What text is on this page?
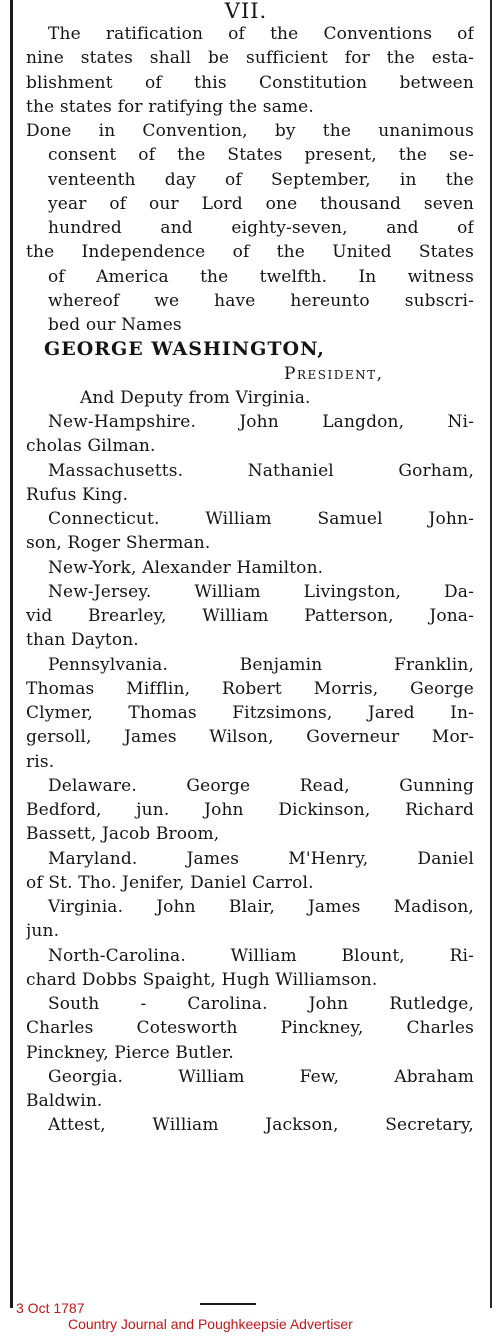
VII.
The ratification of the Conventions of
nine states shall be sufficient for the esta-
blishment of this Constitution between
the states for ratifying the same.
Done in Convention, by the unanimous
consent of the States present, the se-
venteenth day of September, in the
year of our Lord one thousand seven
hundred and eighty-seven, and of
the Independence of the United States
of America the twelfth. In witness
whereof we have hereunto subscri-
bed our Names
GEORGE WASHINGTON,
President,
And Deputy from Virginia.
New-Hampshire. John Langdon, Ni-
cholas Gilman.
Massachusetts. Nathaniel Gorham,
Rufus King.
Connecticut. William Samuel John-
son, Roger Sherman.
New-York, Alexander Hamilton.
New-Jersey. William Livingston, Da-
vid Brearley, William Patterson, Jona-
than Dayton.
Pennsylvania. Benjamin Franklin,
Thomas Mifflin, Robert Morris, George
Clymer, Thomas Fitzsimons, Jared In-
gersoll, James Wilson, Governeur Mor-
ris.
Delaware. George Read, Gunning
Bedford, jun. John Dickinson, Richard
Bassett, Jacob Broom,
Maryland. James M'Henry, Daniel
of St. Tho. Jenifer, Daniel Carrol.
Virginia. John Blair, James Madison,
jun.
North-Carolina. William Blount, Ri-
chard Dobbs Spaight, Hugh Williamson.
South - Carolina. John Rutledge,
Charles Cotesworth Pinckney, Charles
Pinckney, Pierce Butler.
Georgia. William Few, Abraham
Baldwin.
Attest, William Jackson, Secretary,
3 Oct 1787
Country Journal and Poughkeepsie Advertiser
